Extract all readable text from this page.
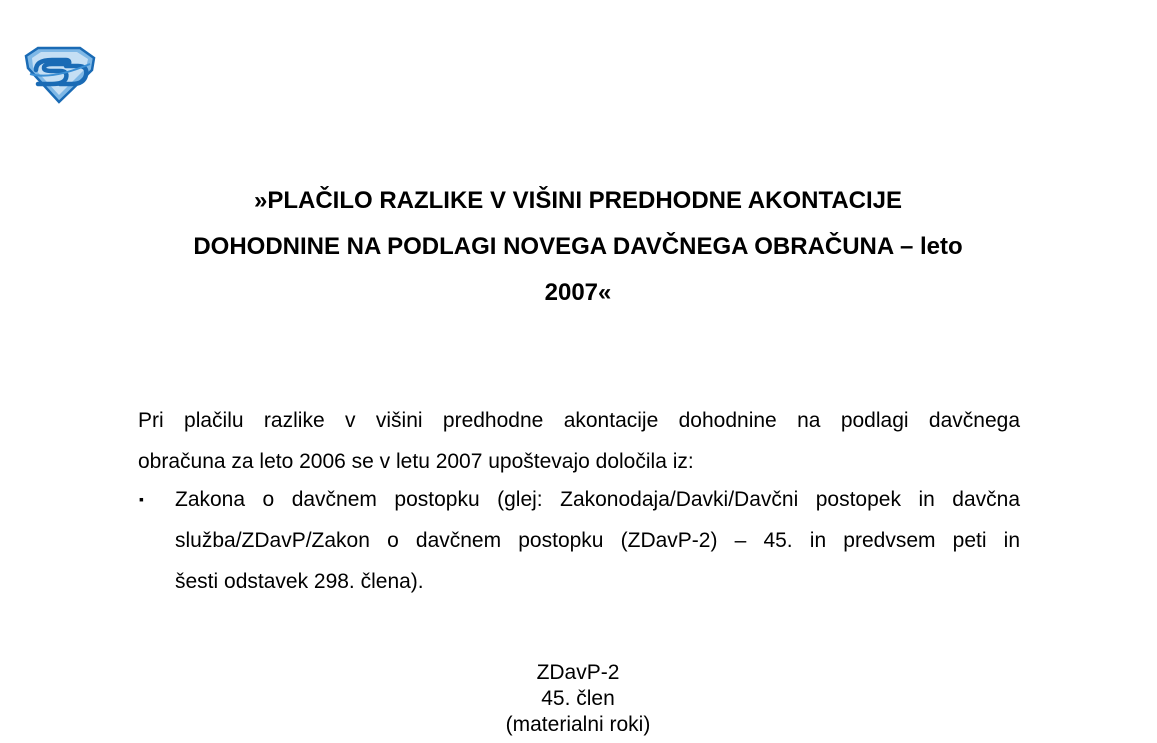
»PLAČILO RAZLIKE V VIŠINI PREDHODNE AKONTACIJE
DOHODNINE NA PODLAGI NOVEGA DAVČNEGA OBRAČUNA – leto
2007«
Pri plačilu razlike v višini predhodne akontacije dohodnine na podlagi davčnega
obračuna za leto 2006 se v letu 2007 upoštevajo določila iz:
▪	Zakona o davčnem postopku (glej: Zakonodaja/Davki/Davčni postopek in davčna
služba/ZDavP/Zakon o davčnem postopku (ZDavP-2) – 45. in predvsem peti in
šesti odstavek 298. člena).
ZDavP-2
45. člen
(materialni roki)
